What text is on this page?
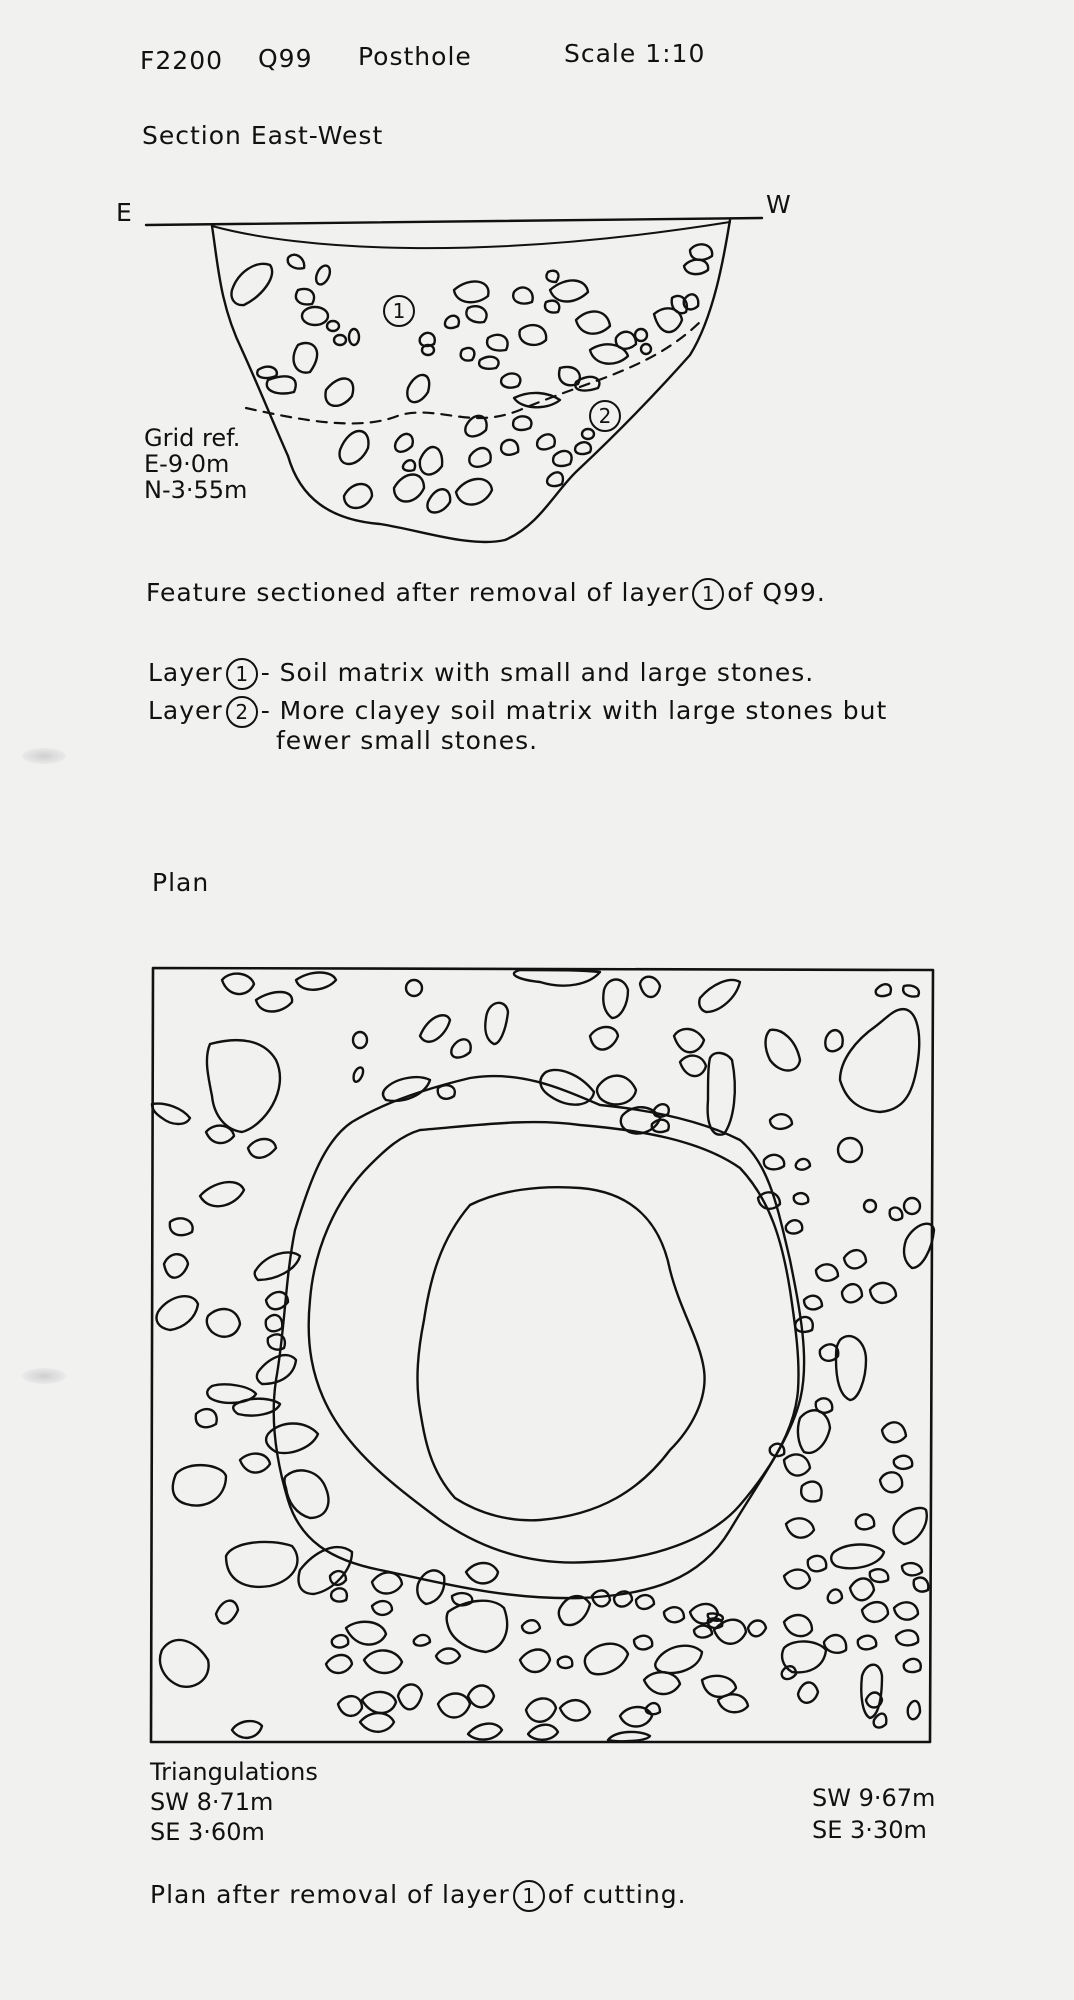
F2200 Q99 Posthole	Scale 1:10
Section East-West
E	W
1
2
Grid ref.
E-9·0m
N-3·55m
Feature sectioned after removal of layer 1 of Q99.
Layer 1 - Soil matrix with small and large stones.
Layer 2 - More clayey soil matrix with large stones but
fewer small stones.
Plan
Triangulations
SW 8·71m
SE 3·60m
SW 9·67m
SE 3·30m
Plan after removal of layer 1 of cutting.
